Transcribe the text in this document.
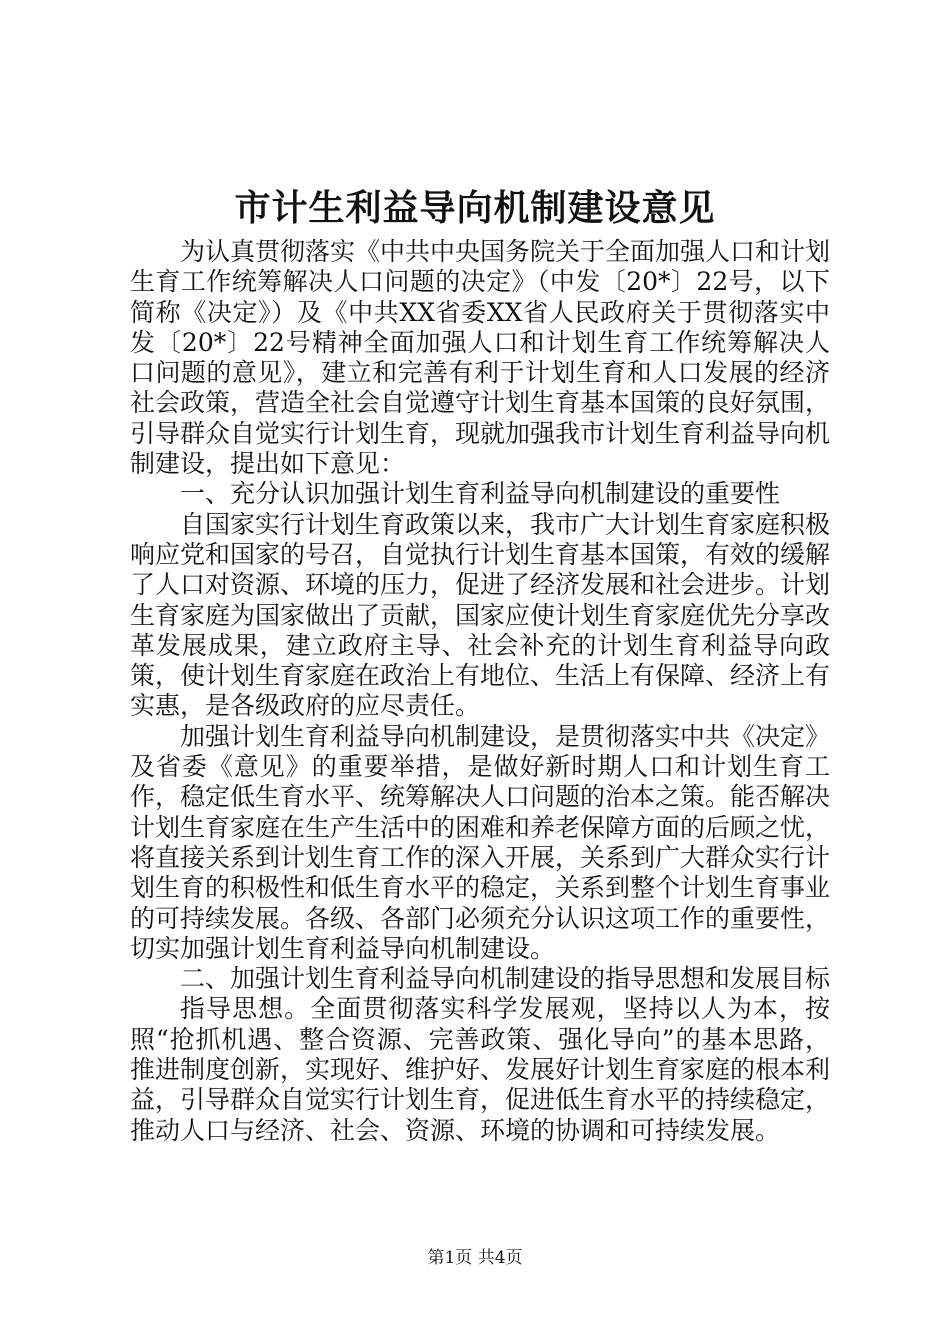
市计生利益导向机制建设意见

为认真贯彻落实《中共中央国务院关于全面加强人口和计划生育工作统筹解决人口问题的决定》（中发〔20*〕22号，以下简称《决定》）及《中共XX省委XX省人民政府关于贯彻落实中发〔20*〕22号精神全面加强人口和计划生育工作统筹解决人口问题的意见》，建立和完善有利于计划生育和人口发展的经济社会政策，营造全社会自觉遵守计划生育基本国策的良好氛围，引导群众自觉实行计划生育，现就加强我市计划生育利益导向机制建设，提出如下意见：

一、充分认识加强计划生育利益导向机制建设的重要性

自国家实行计划生育政策以来，我市广大计划生育家庭积极响应党和国家的号召，自觉执行计划生育基本国策，有效的缓解了人口对资源、环境的压力，促进了经济发展和社会进步。计划生育家庭为国家做出了贡献，国家应使计划生育家庭优先分享改革发展成果，建立政府主导、社会补充的计划生育利益导向政策，使计划生育家庭在政治上有地位、生活上有保障、经济上有实惠，是各级政府的应尽责任。

加强计划生育利益导向机制建设，是贯彻落实中共《决定》及省委《意见》的重要举措，是做好新时期人口和计划生育工作，稳定低生育水平、统筹解决人口问题的治本之策。能否解决计划生育家庭在生产生活中的困难和养老保障方面的后顾之忧，将直接关系到计划生育工作的深入开展，关系到广大群众实行计划生育的积极性和低生育水平的稳定，关系到整个计划生育事业的可持续发展。各级、各部门必须充分认识这项工作的重要性，切实加强计划生育利益导向机制建设。

二、加强计划生育利益导向机制建设的指导思想和发展目标

指导思想。全面贯彻落实科学发展观，坚持以人为本，按照“抢抓机遇、整合资源、完善政策、强化导向”的基本思路，推进制度创新，实现好、维护好、发展好计划生育家庭的根本利益，引导群众自觉实行计划生育，促进低生育水平的持续稳定，推动人口与经济、社会、资源、环境的协调和可持续发展。

第1页 共4页
